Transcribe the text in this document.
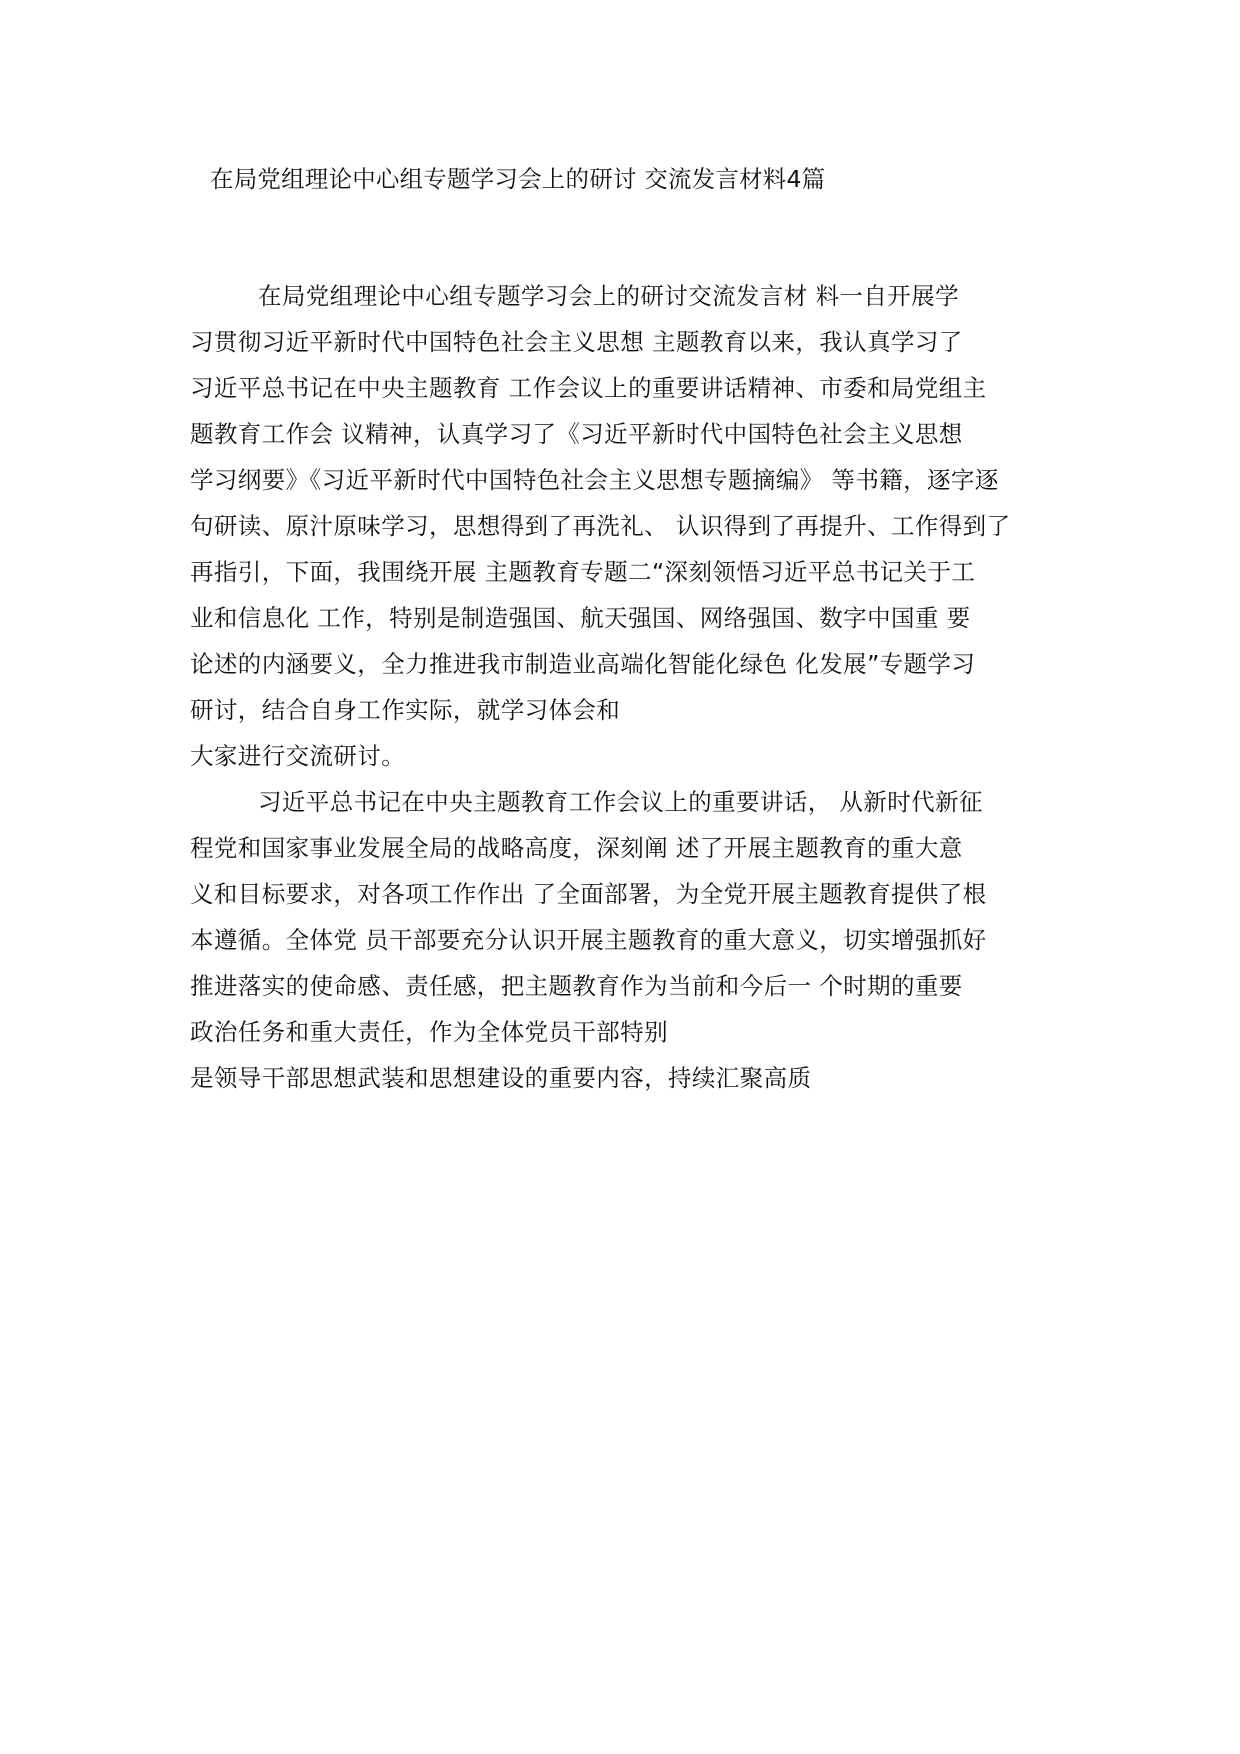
在局党组理论中心组专题学习会上的研讨 交流发言材料4篇
在局党组理论中心组专题学习会上的研讨交流发言材 料一自开展学
习贯彻习近平新时代中国特色社会主义思想 主题教育以来，我认真学习了
习近平总书记在中央主题教育 工作会议上的重要讲话精神、市委和局党组主
题教育工作会 议精神，认真学习了《习近平新时代中国特色社会主义思想
学习纲要》《习近平新时代中国特色社会主义思想专题摘编》 等书籍，逐字逐
句研读、原汁原味学习，思想得到了再洗礼、 认识得到了再提升、工作得到了
再指引，下面，我围绕开展 主题教育专题二“深刻领悟习近平总书记关于工
业和信息化 工作，特别是制造强国、航天强国、网络强国、数字中国重 要
论述的内涵要义，全力推进我市制造业高端化智能化绿色 化发展”专题学习
研讨，结合自身工作实际，就学习体会和
大家进行交流研讨。
习近平总书记在中央主题教育工作会议上的重要讲话， 从新时代新征
程党和国家事业发展全局的战略高度，深刻阐 述了开展主题教育的重大意
义和目标要求，对各项工作作出 了全面部署，为全党开展主题教育提供了根
本遵循。全体党 员干部要充分认识开展主题教育的重大意义，切实增强抓好
推进落实的使命感、责任感，把主题教育作为当前和今后一 个时期的重要
政治任务和重大责任，作为全体党员干部特别
是领导干部思想武装和思想建设的重要内容，持续汇聚高质
